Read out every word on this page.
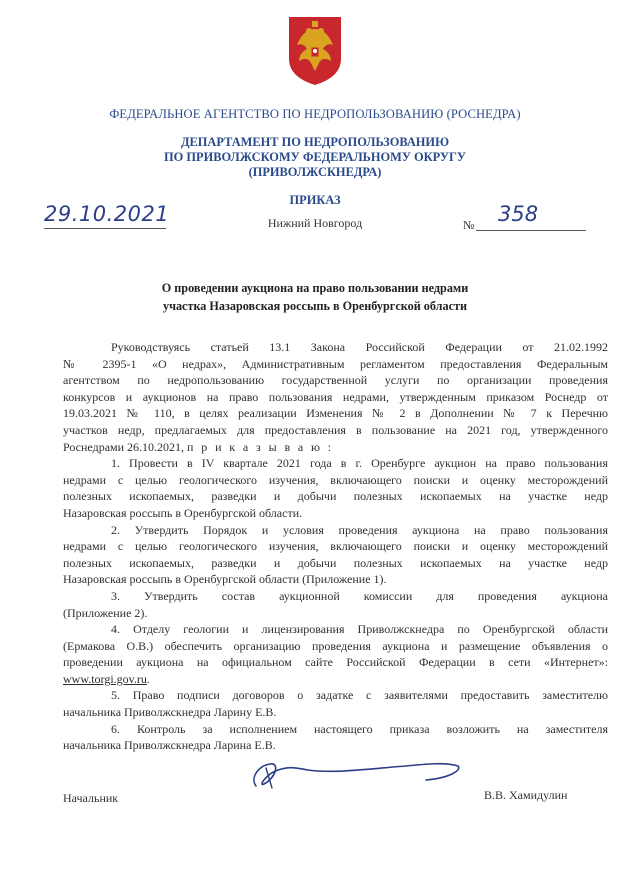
ФЕДЕРАЛЬНОЕ АГЕНТСТВО ПО НЕДРОПОЛЬЗОВАНИЮ (РОСНЕДРА)
ДЕПАРТАМЕНТ ПО НЕДРОПОЛЬЗОВАНИЮ
ПО ПРИВОЛЖСКОМУ ФЕДЕРАЛЬНОМУ ОКРУГУ
(ПРИВОЛЖСКНЕДРА)
ПРИКАЗ
29.10.2021	Нижний Новгород	№ 358
О проведении аукциона на право пользовании недрами
участка Назаровская россыпь в Оренбургской области
Руководствуясь статьей 13.1 Закона Российской Федерации от 21.02.1992
№ 2395-1 «О недрах», Административным регламентом предоставления Федеральным
агентством по недропользованию государственной услуги по организации проведения
конкурсов и аукционов на право пользования недрами, утвержденным приказом Роснедр от
19.03.2021 № 110, в целях реализации Изменения № 2 в Дополнении № 7 к Перечню
участков недр, предлагаемых для предоставления в пользование на 2021 год, утвержденного
Роснедрами 26.10.2021, п р и к а з ы в а ю :
1. Провести в IV квартале 2021 года в г. Оренбурге аукцион на право пользования
недрами с целью геологического изучения, включающего поиски и оценку месторождений
полезных ископаемых, разведки и добычи полезных ископаемых на участке недр
Назаровская россыпь в Оренбургской области.
2. Утвердить Порядок и условия проведения аукциона на право пользования
недрами с целью геологического изучения, включающего поиски и оценку месторождений
полезных ископаемых, разведки и добычи полезных ископаемых на участке недр
Назаровская россыпь в Оренбургской области (Приложение 1).
3. Утвердить состав аукционной комиссии для проведения аукциона
(Приложение 2).
4. Отделу геологии и лицензирования Приволжскнедра по Оренбургской области
(Ермакова О.В.) обеспечить организацию проведения аукциона и размещение объявления о
проведении аукциона на официальном сайте Российской Федерации в сети «Интернет»:
www.torgi.gov.ru.
5. Право подписи договоров о задатке с заявителями предоставить заместителю
начальника Приволжскнедра Ларину Е.В.
6. Контроль за исполнением настоящего приказа возложить на заместителя
начальника Приволжскнедра Ларина Е.В.
Начальник	В.В. Хамидулин
